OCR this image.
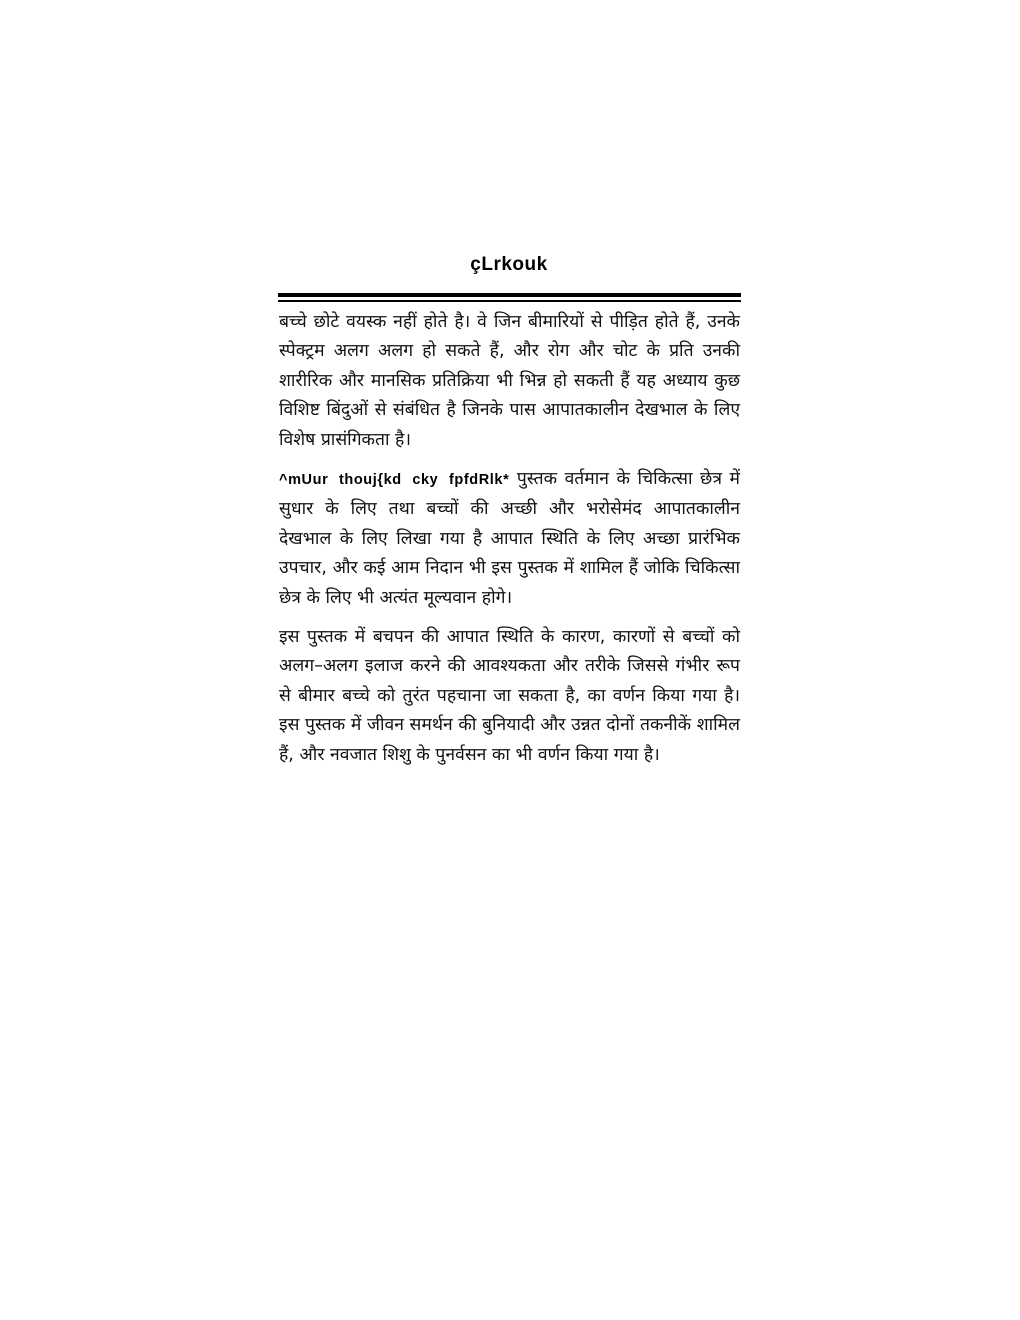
çLrkouk

बच्चे छोटे वयस्क नहीं होते है। वे जिन बीमारियों से पीड़ित होते हैं, उनके स्पेक्ट्रम अलग अलग हो सकते हैं, और रोग और चोट के प्रति उनकी शारीरिक और मानसिक प्रतिक्रिया भी भिन्न हो सकती हैं यह अध्याय कुछ विशिष्ट बिंदुओं से संबंधित है जिनके पास आपातकालीन देखभाल के लिए विशेष प्रासंगिकता है।

^mUur thouj{kd cky fpfdRlk* पुस्तक वर्तमान के चिकित्सा छेत्र में सुधार के लिए तथा बच्चों की अच्छी और भरोसेमंद आपातकालीन देखभाल के लिए लिखा गया है आपात स्थिति के लिए अच्छा प्रारंभिक उपचार, और कई आम निदान भी इस पुस्तक में शामिल हैं जोकि चिकित्सा छेत्र के लिए भी अत्यंत मूल्यवान होगे।

इस पुस्तक में बचपन की आपात स्थिति के कारण, कारणों से बच्चों को अलग–अलग इलाज करने की आवश्यकता और तरीके जिससे गंभीर रूप से बीमार बच्चे को तुरंत पहचाना जा सकता है, का वर्णन किया गया है। इस पुस्तक में जीवन समर्थन की बुनियादी और उन्नत दोनों तकनीकें शामिल हैं, और नवजात शिशु के पुनर्वसन का भी वर्णन किया गया है।
